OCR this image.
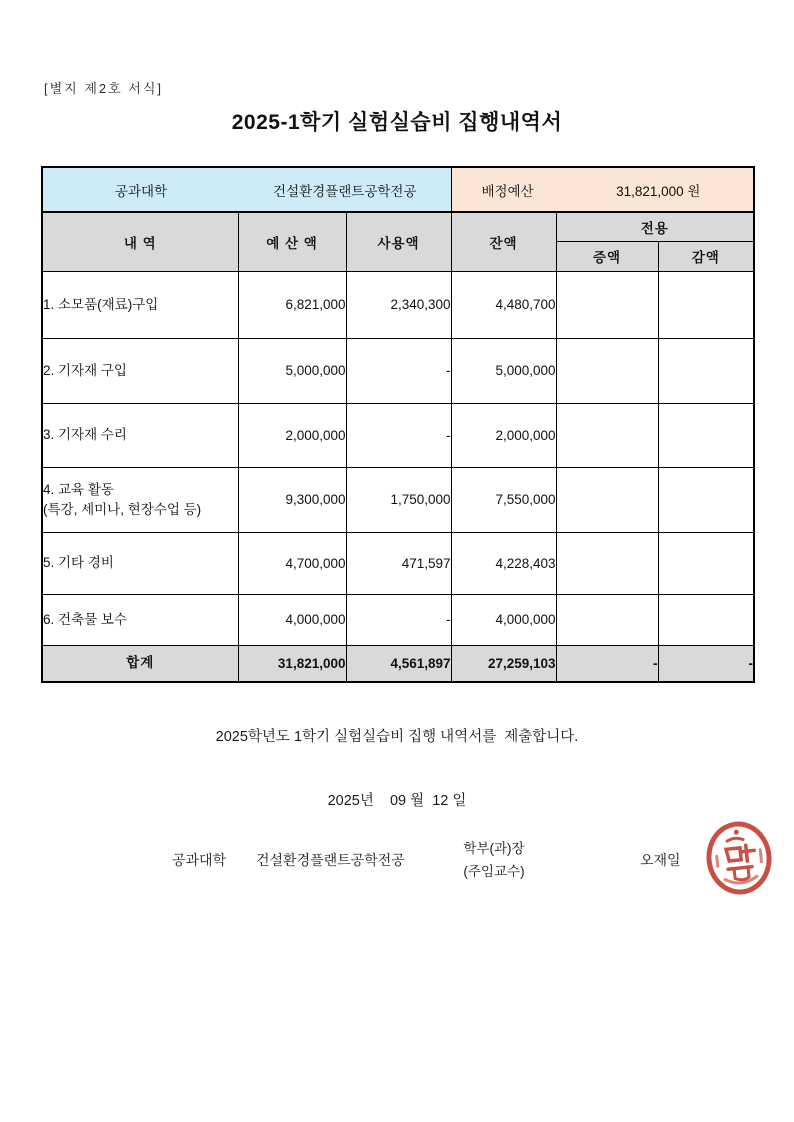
[별지 제2호 서식]
2025-1학기 실험실습비 집행내역서
공과대학 건설환경플랜트공학전공			배정예산 31,821,000 원		

내 역	예 산 액	사용액	잔액	전용	
				증액	감액

1. 소모품(재료)구입	6,821,000	2,340,300	4,480,700		

2. 기자재 구입	5,000,000	-	5,000,000		

3. 기자재 수리	2,000,000	-	2,000,000		

4. 교육 활동
(특강, 세미나, 현장수업 등)	9,300,000	1,750,000	7,550,000		

5. 기타 경비	4,700,000	471,597	4,228,403		

6. 건축물 보수	4,000,000	-	4,000,000		
합계	31,821,000	4,561,897	27,259,103	-	-
2025학년도 1학기 실험실습비 집행 내역서를  제출합니다.
2025년    09 월  12 일
공과대학 건설환경플랜트공학전공
학부(과)장
(주임교수)
오재일
